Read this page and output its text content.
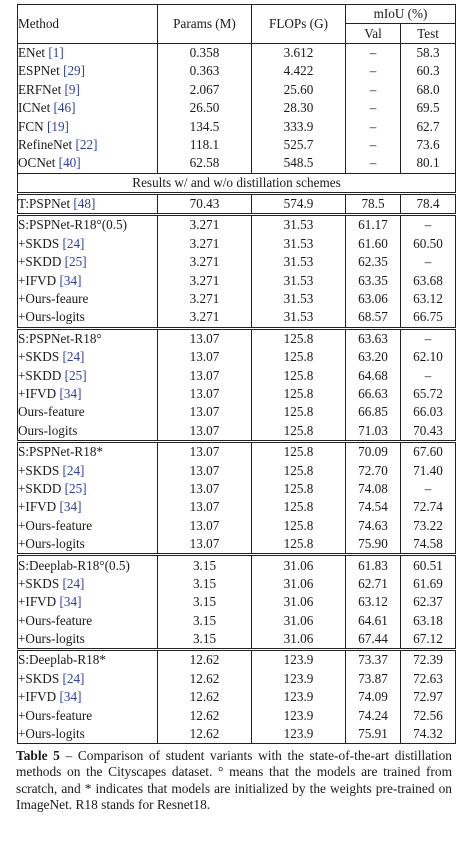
Method	Params (M)	FLOPs (G)	mIoU (%)	
			Val	Test
ENet [1]	0.358	3.612	–	58.3
ESPNet [29]	0.363	4.422	–	60.3
ERFNet [9]	2.067	25.60	–	68.0
ICNet [46]	26.50	28.30	–	69.5
FCN [19]	134.5	333.9	–	62.7
RefineNet [22]	118.1	525.7	–	73.6
OCNet [40]	62.58	548.5	–	80.1
Results w/ and w/o distillation schemes				
T:PSPNet [48]	70.43	574.9	78.5	78.4
S:PSPNet-R18°(0.5)	3.271	31.53	61.17	–
+SKDS [24]	3.271	31.53	61.60	60.50
+SKDD [25]	3.271	31.53	62.35	–
+IFVD [34]	3.271	31.53	63.35	63.68
+Ours-feaure	3.271	31.53	63.06	63.12
+Ours-logits	3.271	31.53	68.57	66.75
S:PSPNet-R18°	13.07	125.8	63.63	–
+SKDS [24]	13.07	125.8	63.20	62.10
+SKDD [25]	13.07	125.8	64.68	–
+IFVD [34]	13.07	125.8	66.63	65.72
Ours-feature	13.07	125.8	66.85	66.03
Ours-logits	13.07	125.8	71.03	70.43
S:PSPNet-R18*	13.07	125.8	70.09	67.60
+SKDS [24]	13.07	125.8	72.70	71.40
+SKDD [25]	13.07	125.8	74.08	–
+IFVD [34]	13.07	125.8	74.54	72.74
+Ours-feature	13.07	125.8	74.63	73.22
+Ours-logits	13.07	125.8	75.90	74.58
S:Deeplab-R18°(0.5)	3.15	31.06	61.83	60.51
+SKDS [24]	3.15	31.06	62.71	61.69
+IFVD [34]	3.15	31.06	63.12	62.37
+Ours-feature	3.15	31.06	64.61	63.18
+Ours-logits	3.15	31.06	67.44	67.12
S:Deeplab-R18*	12.62	123.9	73.37	72.39
+SKDS [24]	12.62	123.9	73.87	72.63
+IFVD [34]	12.62	123.9	74.09	72.97
+Ours-feature	12.62	123.9	74.24	72.56
+Ours-logits	12.62	123.9	75.91	74.32
Table 5 – Comparison of student variants with the state-of-the-art distillation methods on the Cityscapes dataset. ° means that the models are trained from scratch, and * indicates that models are initialized by the weights pre-trained on ImageNet. R18 stands for Resnet18.
